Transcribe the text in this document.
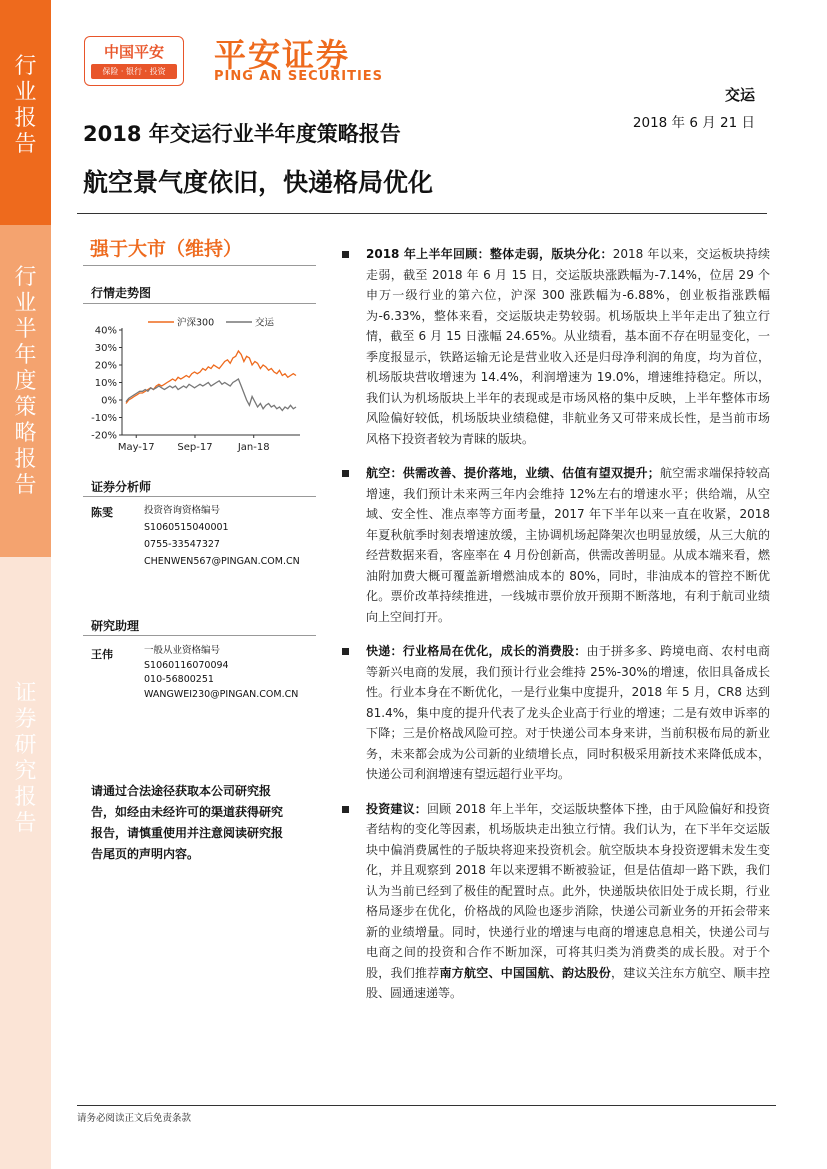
行
业
报
告
行
业
半
年
度
策
略
报
告
证
券
研
究
报
告
中国平安
保险 · 银行 · 投资	平安证券
PING AN SECURITIES
交运
2018 年 6 月 21 日
2018 年交运行业半年度策略报告
航空景气度依旧，快递格局优化
强于大市（维持）
行情走势图
40%
30%
20%
10%
0%
-10%
-20%
May-17 Sep-17	Jan-18
沪深300	交运
证券分析师
陈雯	投资咨询资格编号
S1060515040001
0755-33547327
CHENWEN567@PINGAN.COM.CN
研究助理
王伟	一般从业资格编号
S1060116070094
010-56800251
WANGWEI230@PINGAN.COM.CN
请通过合法途径获取本公司研究报告，如经由未经许可的渠道获得研究报告，请慎重使用并注意阅读研究报告尾页的声明内容。
2018 年上半年回顾：整体走弱，版块分化：2018 年以来，交运板块持续走弱，截至 2018 年 6 月 15 日，交运版块涨跌幅为-7.14%，位居 29 个申万一级行业的第六位，沪深 300 涨跌幅为-6.88%，创业板指涨跌幅为-6.33%，整体来看，交运版块走势较弱。机场版块上半年走出了独立行情，截至 6 月 15 日涨幅 24.65%。从业绩看，基本面不存在明显变化，一季度报显示，铁路运输无论是营业收入还是归母净利润的角度，均为首位，机场版块营收增速为 14.4%，利润增速为 19.0%，增速维持稳定。所以，我们认为机场版块上半年的表现或是市场风格的集中反映，上半年整体市场风险偏好较低，机场版块业绩稳健，非航业务又可带来成长性，是当前市场风格下投资者较为青睐的版块。
航空：供需改善、提价落地，业绩、估值有望双提升；航空需求端保持较高增速，我们预计未来两三年内会维持 12%左右的增速水平；供给端，从空域、安全性、准点率等方面考量，2017 年下半年以来一直在收紧，2018 年夏秋航季时刻表增速放缓，主协调机场起降架次也明显放缓，从三大航的经营数据来看，客座率在 4 月份创新高，供需改善明显。从成本端来看，燃油附加费大概可覆盖新增燃油成本的 80%，同时，非油成本的管控不断优化。票价改革持续推进，一线城市票价放开预期不断落地，有利于航司业绩向上空间打开。
快递：行业格局在优化，成长的消费股：由于拼多多、跨境电商、农村电商等新兴电商的发展，我们预计行业会维持 25%-30%的增速，依旧具备成长性。行业本身在不断优化，一是行业集中度提升，2018 年 5 月，CR8 达到 81.4%，集中度的提升代表了龙头企业高于行业的增速；二是有效申诉率的下降；三是价格战风险可控。对于快递公司本身来讲，当前积极布局的新业务，未来都会成为公司新的业绩增长点，同时积极采用新技术来降低成本，快递公司利润增速有望远超行业平均。
投资建议：回顾 2018 年上半年，交运版块整体下挫，由于风险偏好和投资者结构的变化等因素，机场版块走出独立行情。我们认为，在下半年交运版块中偏消费属性的子版块将迎来投资机会。航空版块本身投资逻辑未发生变化，并且观察到 2018 年以来逻辑不断被验证，但是估值却一路下跌，我们认为当前已经到了极佳的配置时点。此外，快递版块依旧处于成长期，行业格局逐步在优化，价格战的风险也逐步消除，快递公司新业务的开拓会带来新的业绩增量。同时，快递行业的增速与电商的增速息息相关，快递公司与电商之间的投资和合作不断加深，可将其归类为消费类的成长股。对于个股，我们推荐南方航空、中国国航、韵达股份，建议关注东方航空、顺丰控股、圆通速递等。
请务必阅读正文后免责条款
